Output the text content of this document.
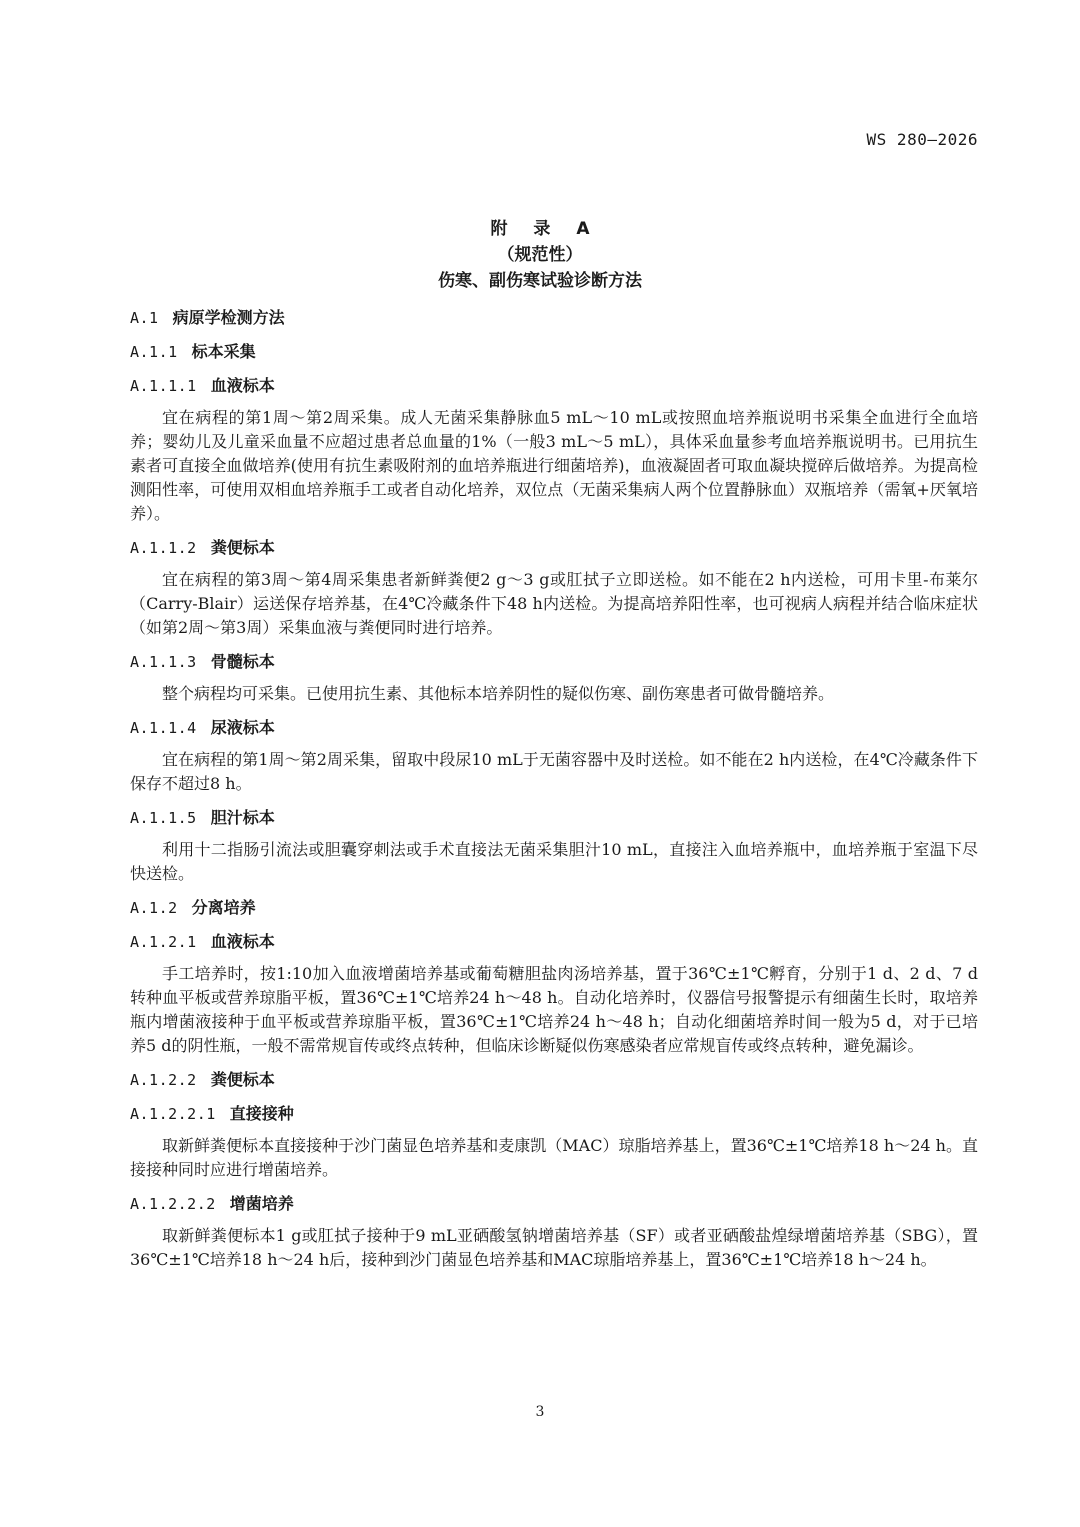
WS 280—2026
附 录 A
（规范性）
伤寒、副伤寒试验诊断方法
A.1 病原学检测方法
A.1.1 标本采集
A.1.1.1 血液标本

宜在病程的第1周～第2周采集。成人无菌采集静脉血5 mL～10 mL或按照血培养瓶说明书采集全血进行全血培养；婴幼儿及儿童采血量不应超过患者总血量的1%（一般3 mL～5 mL），具体采血量参考血培养瓶说明书。已用抗生素者可直接全血做培养(使用有抗生素吸附剂的血培养瓶进行细菌培养)，血液凝固者可取血凝块搅碎后做培养。为提高检测阳性率，可使用双相血培养瓶手工或者自动化培养，双位点（无菌采集病人两个位置静脉血）双瓶培养（需氧+厌氧培养）。

A.1.1.2 粪便标本

宜在病程的第3周～第4周采集患者新鲜粪便2 g～3 g或肛拭子立即送检。如不能在2 h内送检，可用卡里-布莱尔（Carry-Blair）运送保存培养基，在4℃冷藏条件下48 h内送检。为提高培养阳性率，也可视病人病程并结合临床症状（如第2周～第3周）采集血液与粪便同时进行培养。

A.1.1.3 骨髓标本

整个病程均可采集。已使用抗生素、其他标本培养阴性的疑似伤寒、副伤寒患者可做骨髓培养。

A.1.1.4 尿液标本

宜在病程的第1周～第2周采集，留取中段尿10 mL于无菌容器中及时送检。如不能在2 h内送检，在4℃冷藏条件下保存不超过8 h。

A.1.1.5 胆汁标本

利用十二指肠引流法或胆囊穿刺法或手术直接法无菌采集胆汁10 mL，直接注入血培养瓶中，血培养瓶于室温下尽快送检。

A.1.2 分离培养
A.1.2.1 血液标本

手工培养时，按1:10加入血液增菌培养基或葡萄糖胆盐肉汤培养基，置于36℃±1℃孵育，分别于1 d、2 d、7 d转种血平板或营养琼脂平板，置36℃±1℃培养24 h～48 h。自动化培养时，仪器信号报警提示有细菌生长时，取培养瓶内增菌液接种于血平板或营养琼脂平板，置36℃±1℃培养24 h～48 h；自动化细菌培养时间一般为5 d，对于已培养5 d的阴性瓶，一般不需常规盲传或终点转种，但临床诊断疑似伤寒感染者应常规盲传或终点转种，避免漏诊。

A.1.2.2 粪便标本
A.1.2.2.1 直接接种

取新鲜粪便标本直接接种于沙门菌显色培养基和麦康凯（MAC）琼脂培养基上，置36℃±1℃培养18 h～24 h。直接接种同时应进行增菌培养。

A.1.2.2.2 增菌培养

取新鲜粪便标本1 g或肛拭子接种于9 mL亚硒酸氢钠增菌培养基（SF）或者亚硒酸盐煌绿增菌培养基（SBG），置36℃±1℃培养18 h～24 h后，接种到沙门菌显色培养基和MAC琼脂培养基上，置36℃±1℃培养18 h～24 h。

3
